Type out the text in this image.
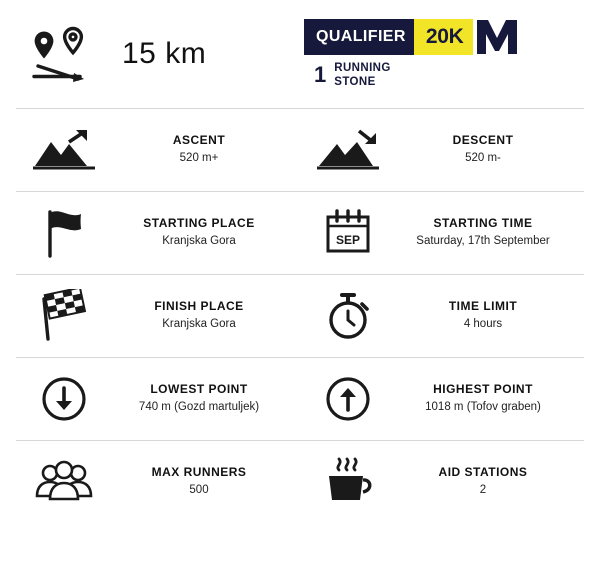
15 km
QUALIFIER 20K
1 RUNNING
STONE
ASCENT
520 m+
DESCENT
520 m-
STARTING PLACE
Kranjska Gora	SEP
STARTING TIME
Saturday, 17th September
FINISH PLACE
Kranjska Gora
TIME LIMIT
4 hours
LOWEST POINT
740 m (Gozd martuljek)
HIGHEST POINT
1018 m (Tofov graben)
MAX RUNNERS
500
AID STATIONS
2
